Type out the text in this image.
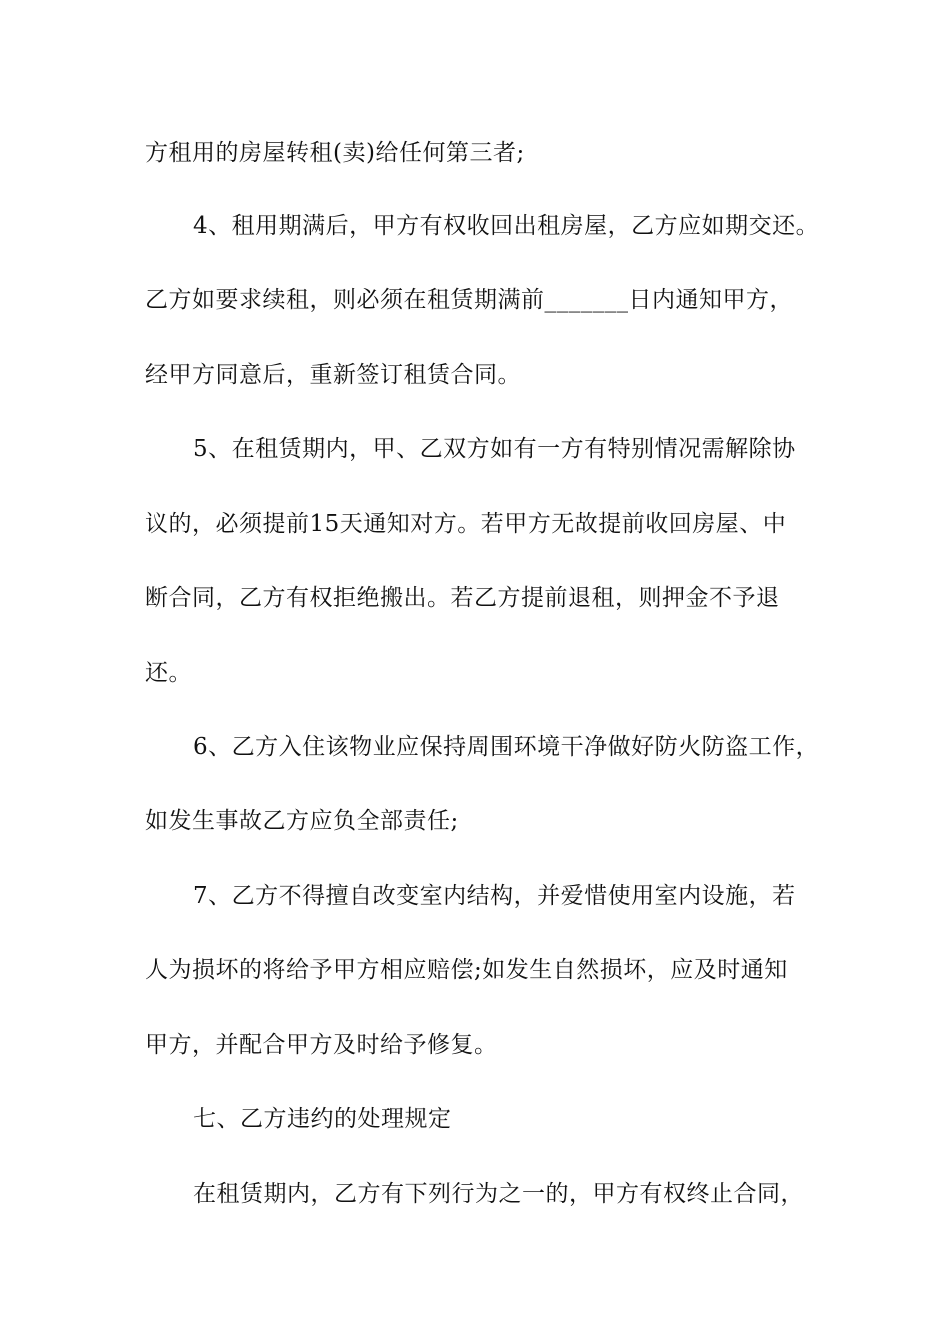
方租用的房屋转租(卖)给任何第三者;
4、租用期满后，甲方有权收回出租房屋，乙方应如期交还。
乙方如要求续租，则必须在租赁期满前_______日内通知甲方，
经甲方同意后，重新签订租赁合同。
5、在租赁期内，甲、乙双方如有一方有特别情况需解除协
议的，必须提前15天通知对方。若甲方无故提前收回房屋、中
断合同，乙方有权拒绝搬出。若乙方提前退租，则押金不予退
还。
6、乙方入住该物业应保持周围环境干净做好防火防盗工作，
如发生事故乙方应负全部责任;
7、乙方不得擅自改变室内结构，并爱惜使用室内设施，若
人为损坏的将给予甲方相应赔偿;如发生自然损坏，应及时通知
甲方，并配合甲方及时给予修复。
七、乙方违约的处理规定
在租赁期内，乙方有下列行为之一的，甲方有权终止合同，
